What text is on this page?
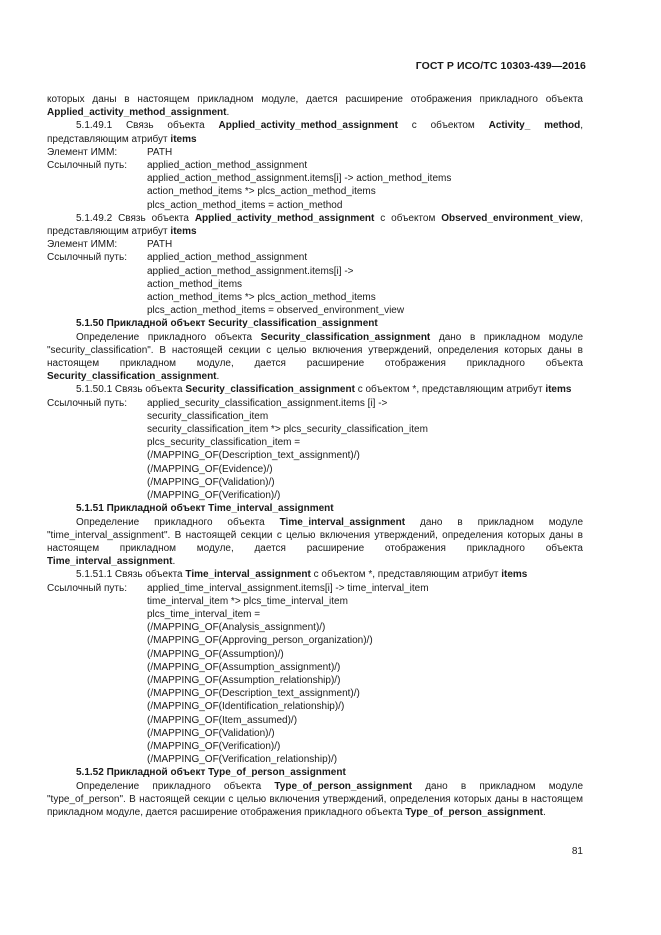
ГОСТ Р ИСО/ТС 10303-439—2016

которых даны в настоящем прикладном модуле, дается расширение отображения прикладного объекта Applied_activity_method_assignment.

5.1.49.1 Связь объекта Applied_activity_method_assignment с объектом Activity_ method, представляющим атрибут items

Элемент ИММ:	PATH
Ссылочный путь:	applied_action_method_assignment
applied_action_method_assignment.items[i] -> action_method_items
action_method_items *> plcs_action_method_items
plcs_action_method_items = action_method

5.1.49.2 Связь объекта Applied_activity_method_assignment с объектом Observed_environment_view, представляющим атрибут items

Элемент ИММ:	PATH
Ссылочный путь:	applied_action_method_assignment
applied_action_method_assignment.items[i] ->
action_method_items
action_method_items *> plcs_action_method_items
plcs_action_method_items = observed_environment_view

5.1.50 Прикладной объект Security_classification_assignment

Определение прикладного объекта Security_classification_assignment дано в прикладном модуле "security_classification". В настоящей секции с целью включения утверждений, определения которых даны в настоящем прикладном модуле, дается расширение отображения прикладного объекта Security_classification_assignment.

5.1.50.1 Связь объекта Security_classification_assignment с объектом *, представляющим атрибут items

Ссылочный путь:	applied_security_classification_assignment.items [i] ->
security_classification_item
security_classification_item *> plcs_security_classification_item
plcs_security_classification_item =
(/MAPPING_OF(Description_text_assignment)/)
(/MAPPING_OF(Evidence)/)
(/MAPPING_OF(Validation)/)
(/MAPPING_OF(Verification)/)

5.1.51 Прикладной объект Time_interval_assignment

Определение прикладного объекта Time_interval_assignment дано в прикладном модуле "time_interval_assignment". В настоящей секции с целью включения утверждений, определения которых даны в настоящем прикладном модуле, дается расширение отображения прикладного объекта Time_interval_assignment.

5.1.51.1 Связь объекта Time_interval_assignment с объектом *, представляющим атрибут items

Ссылочный путь:	applied_time_interval_assignment.items[i] -> time_interval_item
time_interval_item *> plcs_time_interval_item
plcs_time_interval_item =
(/MAPPING_OF(Analysis_assignment)/)
(/MAPPING_OF(Approving_person_organization)/)
(/MAPPING_OF(Assumption)/)
(/MAPPING_OF(Assumption_assignment)/)
(/MAPPING_OF(Assumption_relationship)/)
(/MAPPING_OF(Description_text_assignment)/)
(/MAPPING_OF(Identification_relationship)/)
(/MAPPING_OF(Item_assumed)/)
(/MAPPING_OF(Validation)/)
(/MAPPING_OF(Verification)/)
(/MAPPING_OF(Verification_relationship)/)

5.1.52 Прикладной объект Type_of_person_assignment

Определение прикладного объекта Type_of_person_assignment дано в прикладном модуле "type_of_person". В настоящей секции с целью включения утверждений, определения которых даны в настоящем прикладном модуле, дается расширение отображения прикладного объекта Type_of_person_assignment.

81
